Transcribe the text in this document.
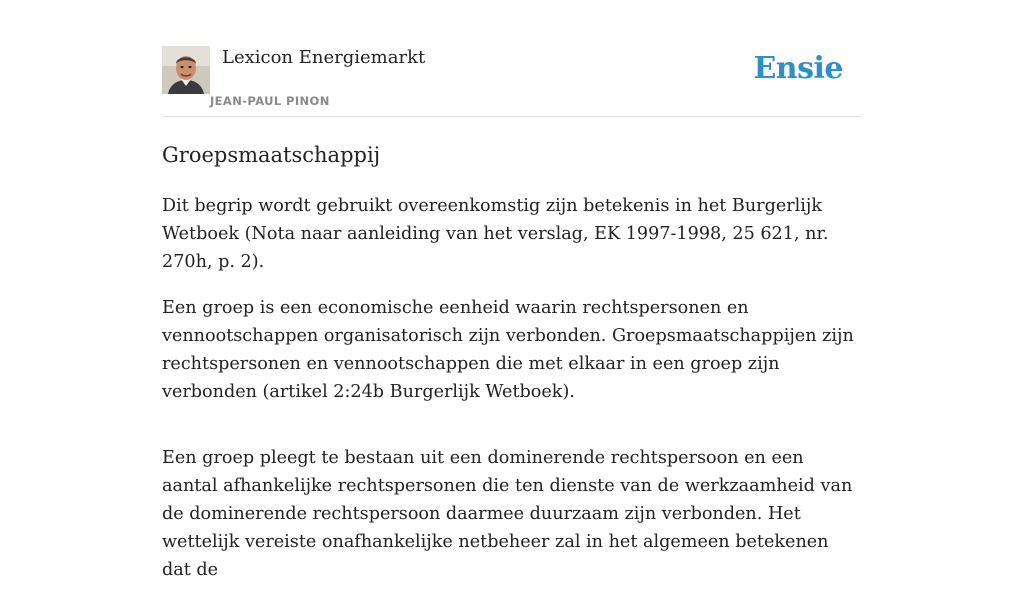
Lexicon Energiemarkt
JEAN-PAUL PINON
Ensie
Groepsmaatschappij

Dit begrip wordt gebruikt overeenkomstig zijn betekenis in het Burgerlijk Wetboek (Nota naar aanleiding van het verslag, EK 1997-1998, 25 621, nr. 270h, p. 2).

Een groep is een economische eenheid waarin rechtspersonen en vennootschappen organisatorisch zijn verbonden. Groepsmaatschappijen zijn rechtspersonen en vennootschappen die met elkaar in een groep zijn verbonden (artikel 2:24b Burgerlijk Wetboek).

Een groep pleegt te bestaan uit een dominerende rechtspersoon en een aantal afhankelijke rechtspersonen die ten dienste van de werkzaamheid van de dominerende rechtspersoon daarmee duurzaam zijn verbonden. Het wettelijk vereiste onafhankelijke netbeheer zal in het algemeen betekenen dat de
